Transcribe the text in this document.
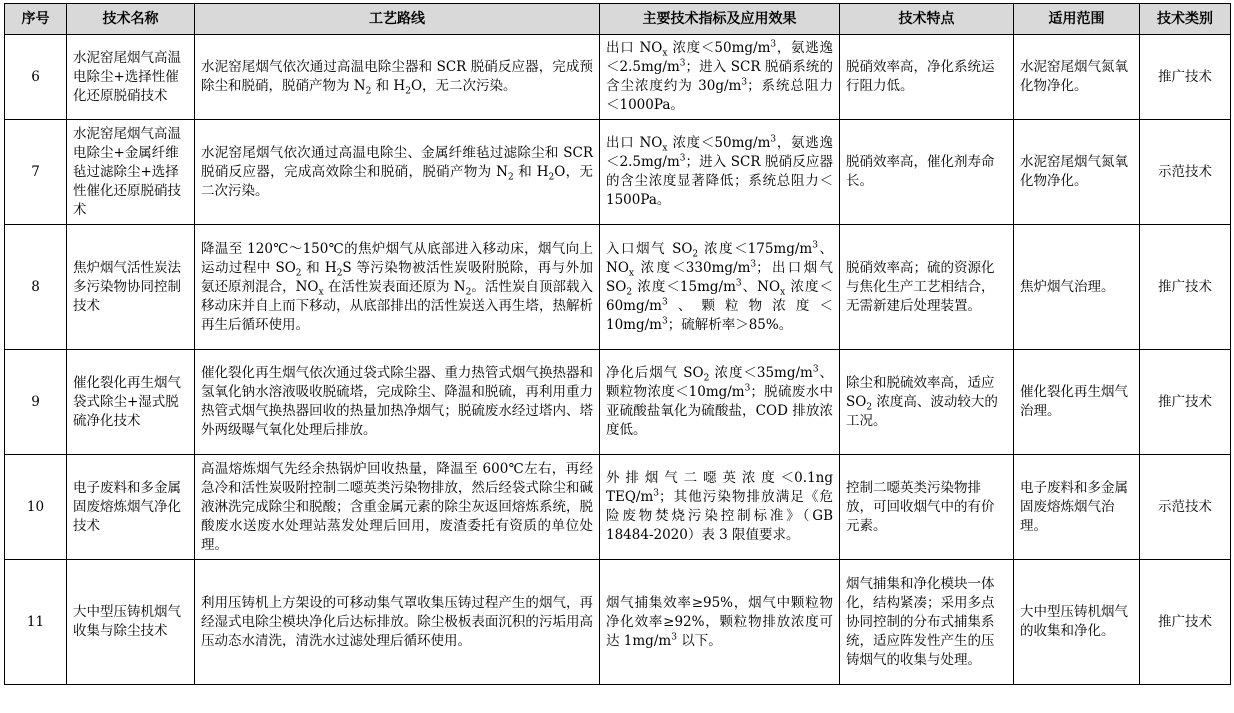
序号	技术名称	工艺路线	主要技术指标及应用效果	技术特点	适用范围	技术类别
6	水泥窑尾烟气高温电除尘+选择性催化还原脱硝技术	水泥窑尾烟气依次通过高温电除尘器和 SCR 脱硝反应器，完成预除尘和脱硝，脱硝产物为 $N_2$ 和 $H_2O$，无二次污染。	出口 $NO_x$ 浓度$<50mg/m^3$，氨逃逸$<2.5mg/m^3$；进入 SCR 脱硝系统的含尘浓度约为 $30g/m^3$；系统总阻力＜1000Pa。	脱硝效率高，净化系统运行阻力低。	水泥窑尾烟气氮氧化物净化。	推广技术
7	水泥窑尾烟气高温电除尘+金属纤维毡过滤除尘+选择性催化还原脱硝技术	水泥窑尾烟气依次通过高温电除尘、金属纤维毡过滤除尘和 SCR 脱硝反应器，完成高效除尘和脱硝，脱硝产物为 $N_2$ 和 $H_2O$，无二次污染。	出口 $NO_x$ 浓度$<50mg/m^3$，氨逃逸$<2.5mg/m^3$；进入 SCR 脱硝反应器的含尘浓度显著降低；系统总阻力＜1500Pa。	脱硝效率高，催化剂寿命长。	水泥窑尾烟气氮氧化物净化。	示范技术
8	焦炉烟气活性炭法多污染物协同控制技术	降温至 120℃～150℃的焦炉烟气从底部进入移动床，烟气向上运动过程中 $SO_2$ 和 $H_2S$ 等污染物被活性炭吸附脱除，再与外加氨还原剂混合，$NO_x$ 在活性炭表面还原为 $N_2$。活性炭自顶部载入移动床并自上而下移动，从底部排出的活性炭送入再生塔，热解析再生后循环使用。	入口烟气 $SO_2$ 浓度$<175mg/m^3$、$NO_x$ 浓度$<330mg/m^3$；出口烟气 $SO_2$ 浓度$<15mg/m^3$、$NO_x$ 浓度$<60mg/m^3$、颗粒物浓度$<10mg/m^3$；硫解析率＞85%。	脱硝效率高；硫的资源化与焦化生产工艺相结合，无需新建后处理装置。	焦炉烟气治理。	推广技术
9	催化裂化再生烟气袋式除尘+湿式脱硫净化技术	催化裂化再生烟气依次通过袋式除尘器、重力热管式烟气换热器和氢氧化钠水溶液吸收脱硫塔，完成除尘、降温和脱硫，再利用重力热管式烟气换热器回收的热量加热净烟气；脱硫废水经过塔内、塔外两级曝气氧化处理后排放。	净化后烟气 $SO_2$ 浓度$<35mg/m^3$、颗粒物浓度$<10mg/m^3$；脱硫废水中亚硫酸盐氧化为硫酸盐，COD 排放浓度低。	除尘和脱硫效率高，适应 $SO_2$ 浓度高、波动较大的工况。	催化裂化再生烟气治理。	推广技术
10	电子废料和多金属固废熔炼烟气净化技术	高温熔炼烟气先经余热锅炉回收热量，降温至 600℃左右，再经急冷和活性炭吸附控制二噁英类污染物排放，然后经袋式除尘和碱液淋洗完成除尘和脱酸；含重金属元素的除尘灰返回熔炼系统，脱酸废水送废水处理站蒸发处理后回用，废渣委托有资质的单位处理。	外排烟气二噁英浓度＜0.1ng TEQ/$m^3$；其他污染物排放满足《危险废物焚烧污染控制标准》（GB 18484-2020）表 3 限值要求。	控制二噁英类污染物排放，可回收烟气中的有价元素。	电子废料和多金属固废熔炼烟气治理。	示范技术
11	大中型压铸机烟气收集与除尘技术	利用压铸机上方架设的可移动集气罩收集压铸过程产生的烟气，再经湿式电除尘模块净化后达标排放。除尘极板表面沉积的污垢用高压动态水清洗，清洗水过滤处理后循环使用。	烟气捕集效率≥95%，烟气中颗粒物净化效率≥92%，颗粒物排放浓度可达 $1mg/m^3$ 以下。	烟气捕集和净化模块一体化，结构紧凑；采用多点协同控制的分布式捕集系统，适应阵发性产生的压铸烟气的收集与处理。	大中型压铸机烟气的收集和净化。	推广技术
